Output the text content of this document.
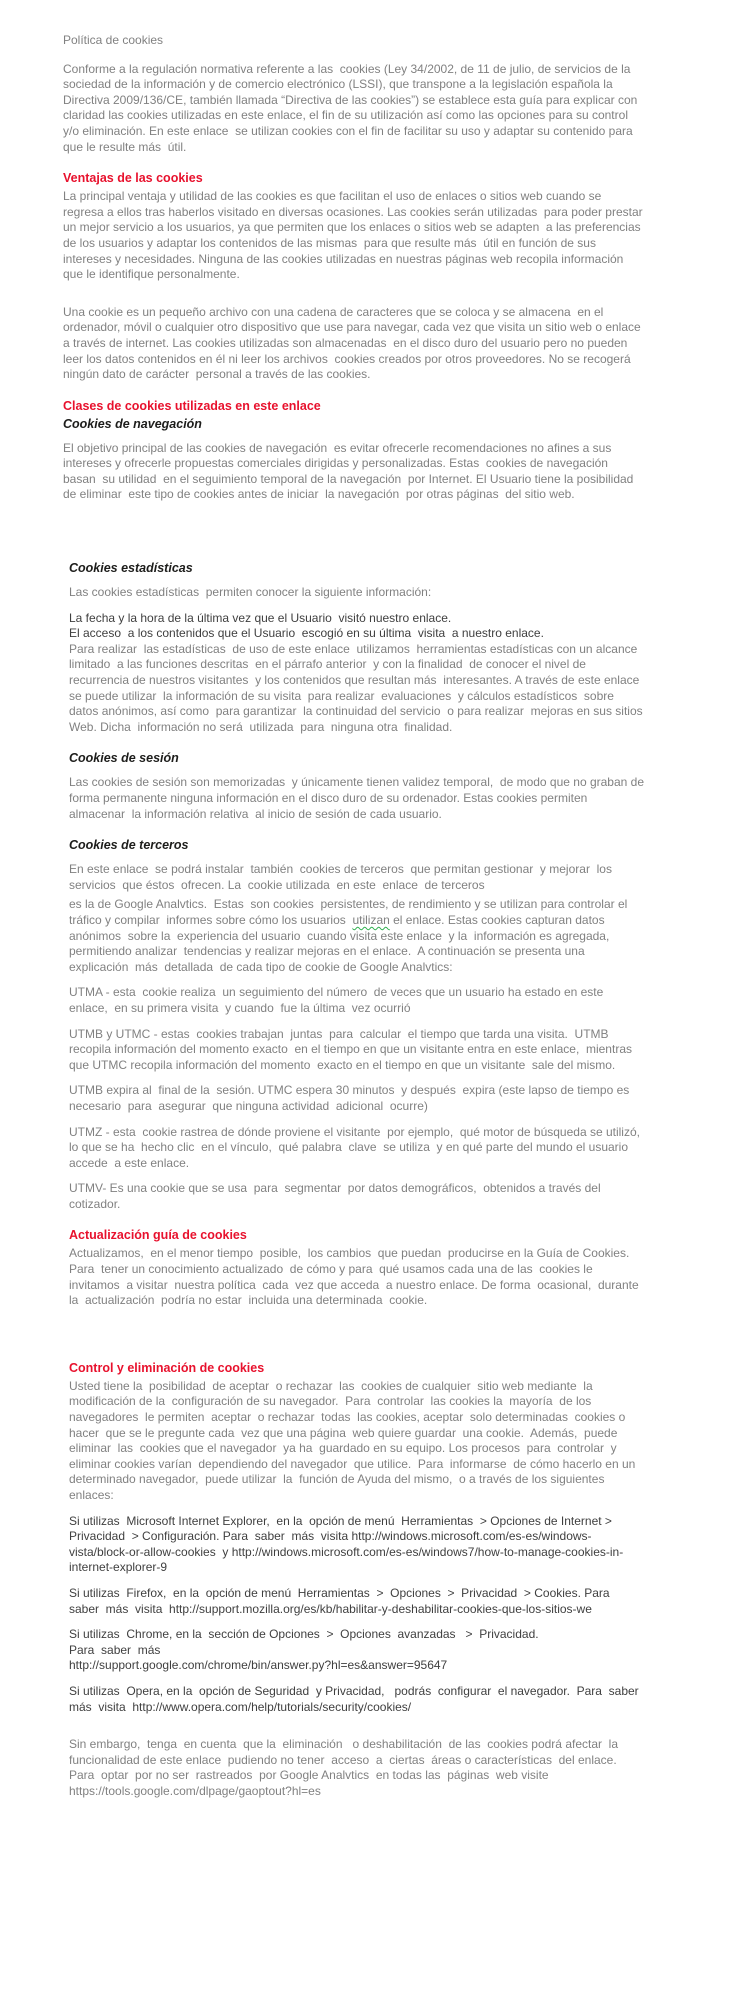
Política de cookies

Conforme a la regulación normativa referente a las  cookies (Ley 34/2002, de 11 de julio, de servicios de la sociedad de la información y de comercio electrónico (LSSI), que transpone a la legislación española la Directiva 2009/136/CE, también llamada “Directiva de las cookies”) se establece esta guía para explicar con claridad las cookies utilizadas en este enlace, el fin de su utilización así como las opciones para su control y/o eliminación. En este enlace  se utilizan cookies con el fin de facilitar su uso y adaptar su contenido para que le resulte más  útil.

Ventajas de las cookies

La principal ventaja y utilidad de las cookies es que facilitan el uso de enlaces o sitios web cuando se regresa a ellos tras haberlos visitado en diversas ocasiones. Las cookies serán utilizadas  para poder prestar un mejor servicio a los usuarios, ya que permiten que los enlaces o sitios web se adapten  a las preferencias de los usuarios y adaptar los contenidos de las mismas  para que resulte más  útil en función de sus intereses y necesidades. Ninguna de las cookies utilizadas en nuestras páginas web recopila información que le identifique personalmente.

Una cookie es un pequeño archivo con una cadena de caracteres que se coloca y se almacena  en el ordenador, móvil o cualquier otro dispositivo que use para navegar, cada vez que visita un sitio web o enlace a través de internet. Las cookies utilizadas son almacenadas  en el disco duro del usuario pero no pueden leer los datos contenidos en él ni leer los archivos  cookies creados por otros proveedores. No se recogerá ningún dato de carácter  personal a través de las cookies.

Clases de cookies utilizadas en este enlace
Cookies de navegación

El objetivo principal de las cookies de navegación  es evitar ofrecerle recomendaciones no afines a sus intereses y ofrecerle propuestas comerciales dirigidas y personalizadas. Estas  cookies de navegación  basan  su utilidad  en el seguimiento temporal de la navegación  por Internet. El Usuario tiene la posibilidad  de eliminar  este tipo de cookies antes de iniciar  la navegación  por otras páginas  del sitio web.

Cookies estadísticas

Las cookies estadísticas  permiten conocer la siguiente información:

La fecha y la hora de la última vez que el Usuario  visitó nuestro enlace.
El acceso  a los contenidos que el Usuario  escogió en su última  visita  a nuestro enlace.

Para realizar  las estadísticas  de uso de este enlace  utilizamos  herramientas estadísticas con un alcance  limitado  a las funciones descritas  en el párrafo anterior  y con la finalidad  de conocer el nivel de recurrencia de nuestros visitantes  y los contenidos que resultan más  interesantes. A través de este enlace  se puede utilizar  la información de su visita  para realizar  evaluaciones  y cálculos estadísticos  sobre datos anónimos, así como  para garantizar  la continuidad del servicio  o para realizar  mejoras en sus sitios Web. Dicha  información no será  utilizada  para  ninguna otra  finalidad.

Cookies de sesión

Las cookies de sesión son memorizadas  y únicamente tienen validez temporal,  de modo que no graban de forma permanente ninguna información en el disco duro de su ordenador. Estas cookies permiten almacenar  la información relativa  al inicio de sesión de cada usuario.

Cookies de terceros

En este enlace  se podrá instalar  también  cookies de terceros  que permitan gestionar  y mejorar  los servicios  que éstos  ofrecen. La  cookie utilizada  en este  enlace  de terceros

es la de Google Analvtics.  Estas  son cookies  persistentes, de rendimiento y se utilizan para controlar el tráfico y compilar  informes sobre cómo los usuarios  utilizan el enlace. Estas cookies capturan datos anónimos  sobre la  experiencia del usuario  cuando visita este enlace  y la  información es agregada,  permitiendo analizar  tendencias y realizar mejoras en el enlace.  A continuación se presenta una explicación  más  detallada  de cada tipo de cookie de Google Analvtics:

UTMA - esta  cookie realiza  un seguimiento del número  de veces que un usuario ha estado en este enlace,  en su primera visita  y cuando  fue la última  vez ocurrió

UTMB y UTMC - estas  cookies trabajan  juntas  para  calcular  el tiempo que tarda una visita.  UTMB recopila información del momento exacto  en el tiempo en que un visitante entra en este enlace,  mientras  que UTMC recopila información del momento  exacto en el tiempo en que un visitante  sale del mismo.

UTMB expira al  final de la  sesión. UTMC espera 30 minutos  y después  expira (este lapso de tiempo es necesario  para  asegurar  que ninguna actividad  adicional  ocurre)

UTMZ - esta  cookie rastrea de dónde proviene el visitante  por ejemplo,  qué motor de búsqueda se utilizó,  lo que se ha  hecho clic  en el vínculo,  qué palabra  clave  se utiliza  y en qué parte del mundo el usuario  accede  a este enlace.

UTMV- Es una cookie que se usa  para  segmentar  por datos demográficos,  obtenidos a través del cotizador.

Actualización guía de cookies

Actualizamos,  en el menor tiempo  posible,  los cambios  que puedan  producirse en la Guía de Cookies. Para  tener un conocimiento actualizado  de cómo y para  qué usamos cada una de las  cookies le invitamos  a visitar  nuestra política  cada  vez que acceda  a nuestro enlace. De forma  ocasional,  durante la  actualización  podría no estar  incluida una determinada  cookie.

Control y eliminación de cookies

Usted tiene la  posibilidad  de aceptar  o rechazar  las  cookies de cualquier  sitio web mediante  la  modificación de la  configuración de su navegador.  Para  controlar  las cookies la  mayoría  de los navegadores  le permiten  aceptar  o rechazar  todas  las cookies, aceptar  solo determinadas  cookies o hacer  que se le pregunte cada  vez que una página  web quiere guardar  una cookie.  Además,  puede eliminar  las  cookies que el navegador  ya ha  guardado en su equipo. Los procesos  para  controlar  y eliminar cookies varían  dependiendo del navegador  que utilice.  Para  informarse  de cómo hacerlo en un determinado navegador,  puede utilizar  la  función de Ayuda del mismo,  o a través de los siguientes enlaces:

Si utilizas  Microsoft Internet Explorer,  en la  opción de menú  Herramientas  > Opciones de Internet > Privacidad  > Configuración. Para  saber  más  visita http://windows.microsoft.com/es-es/windows-vista/block-or-allow-cookies  y http://windows.microsoft.com/es-es/windows7/how-to-manage-cookies-in-internet-explorer-9

Si utilizas  Firefox,  en la  opción de menú  Herramientas  >  Opciones  >  Privacidad  > Cookies. Para  saber  más  visita  http://support.mozilla.org/es/kb/habilitar-y-deshabilitar-cookies-que-los-sitios-we

Si utilizas  Chrome, en la  sección de Opciones  >  Opciones  avanzadas   >  Privacidad.
Para  saber  más
http://support.google.com/chrome/bin/answer.py?hl=es&answer=95647

Si utilizas  Opera, en la  opción de Seguridad  y Privacidad,   podrás  configurar  el navegador.  Para  saber  más  visita  http://www.opera.com/help/tutorials/security/cookies/

Sin embargo,  tenga  en cuenta  que la  eliminación   o deshabilitación  de las  cookies podrá afectar  la  funcionalidad de este enlace  pudiendo no tener  acceso  a  ciertas  áreas o características  del enlace.  Para  optar  por no ser  rastreados  por Google Analvtics  en todas las  páginas  web visite  https://tools.google.com/dlpage/gaoptout?hl=es
